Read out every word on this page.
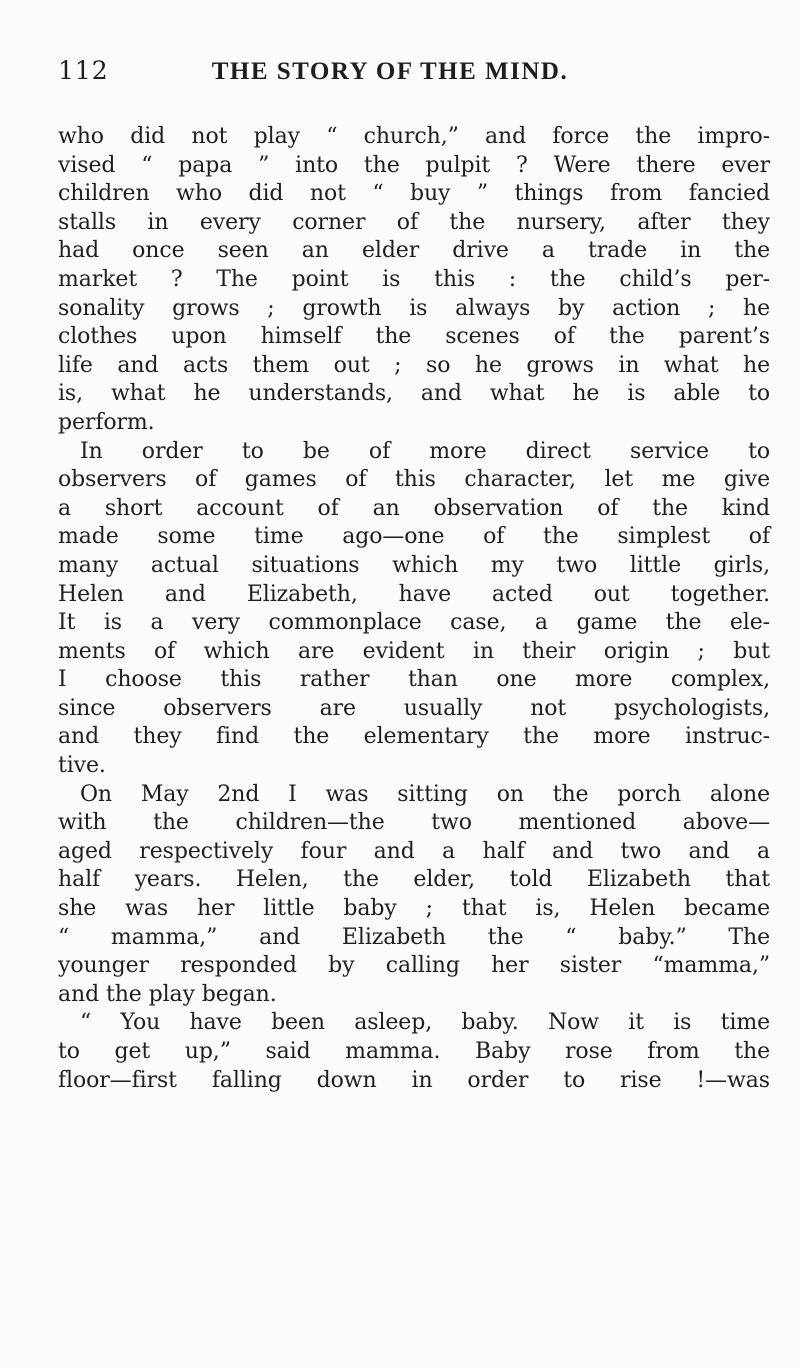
112	THE STORY OF THE MIND.
who did not play “ church,” and force the impro-
vised “ papa ” into the pulpit ? Were there ever
children who did not “ buy ” things from fancied
stalls in every corner of the nursery, after they
had once seen an elder drive a trade in the
market ? The point is this : the child’s per-
sonality grows ; growth is always by action ; he
clothes upon himself the scenes of the parent’s
life and acts them out ; so he grows in what he
is, what he understands, and what he is able to
perform.
In order to be of more direct service to
observers of games of this character, let me give
a short account of an observation of the kind
made some time ago—one of the simplest of
many actual situations which my two little girls,
Helen and Elizabeth, have acted out together.
It is a very commonplace case, a game the ele-
ments of which are evident in their origin ; but
I choose this rather than one more complex,
since observers are usually not psychologists,
and they find the elementary the more instruc-
tive.
On May 2nd I was sitting on the porch alone
with the children—the two mentioned above—
aged respectively four and a half and two and a
half years. Helen, the elder, told Elizabeth that
she was her little baby ; that is, Helen became
“ mamma,” and Elizabeth the “ baby.” The
younger responded by calling her sister “mamma,”
and the play began.
“ You have been asleep, baby. Now it is time
to get up,” said mamma. Baby rose from the
floor—first falling down in order to rise !—was
